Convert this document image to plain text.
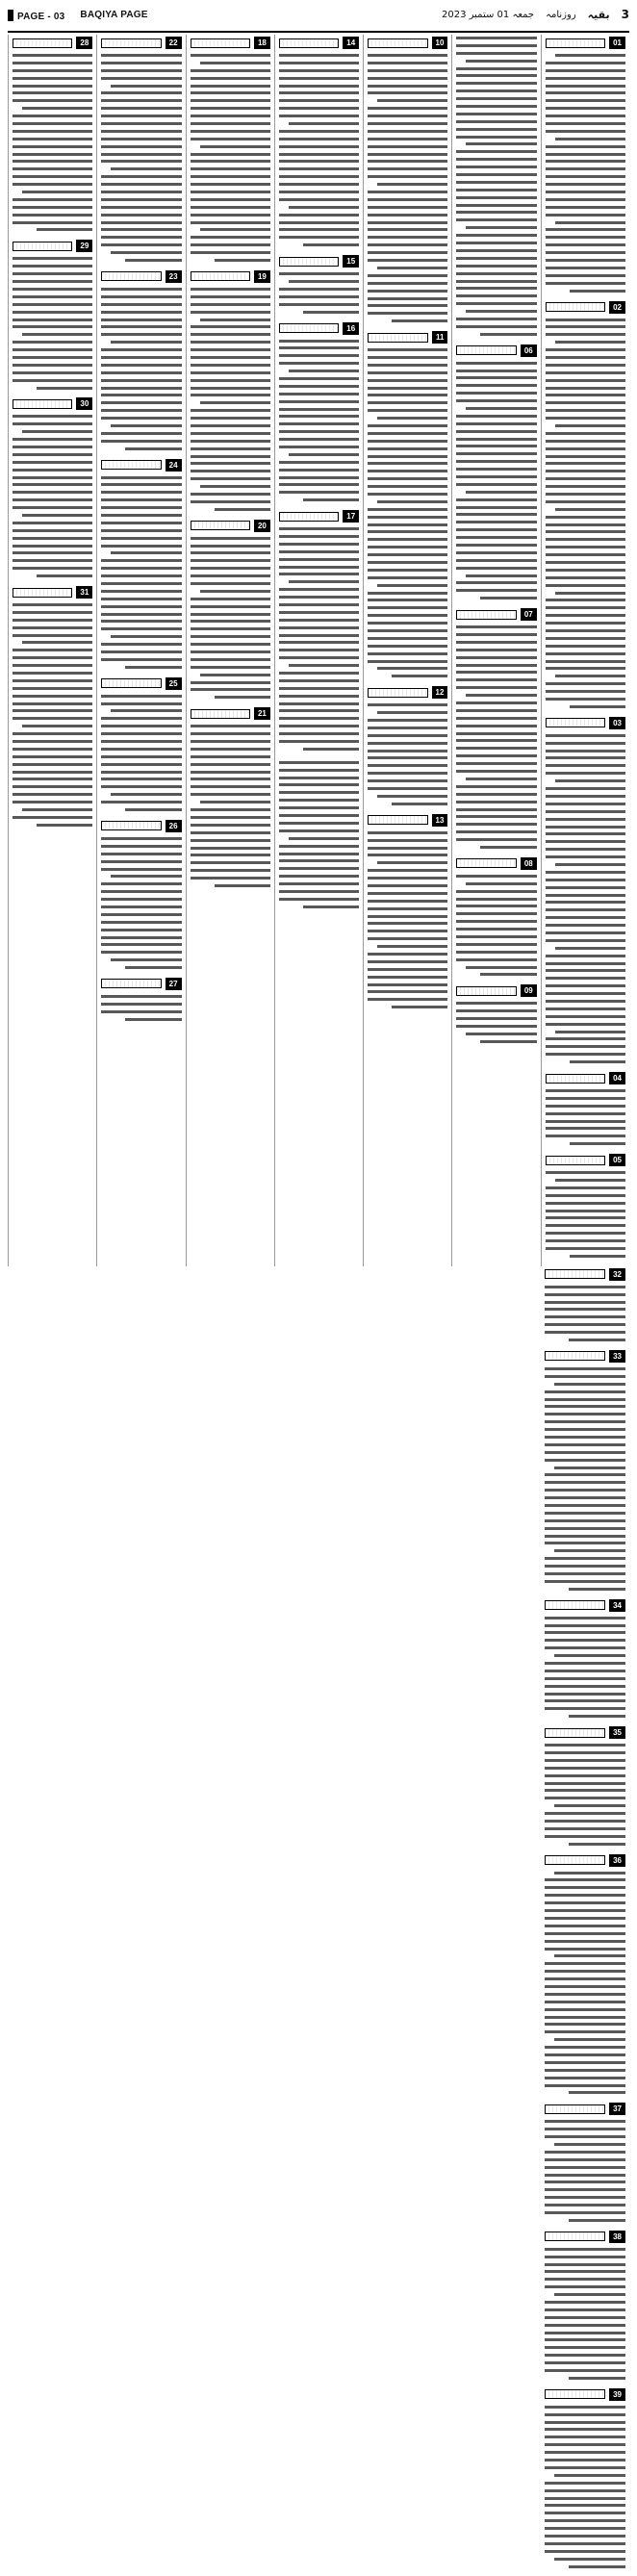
PAGE - 03 BAQIYA PAGE	3
بقیہ
روزنامہ
جمعہ 01 ستمبر 2023
01
02
03
04
05
06
07
08
09
10
11
12
13
14
15
16
17
18
19
20
21
22
23
24
25
26
27
28
29
30
31
32
33
34
35
36
37
38
39
